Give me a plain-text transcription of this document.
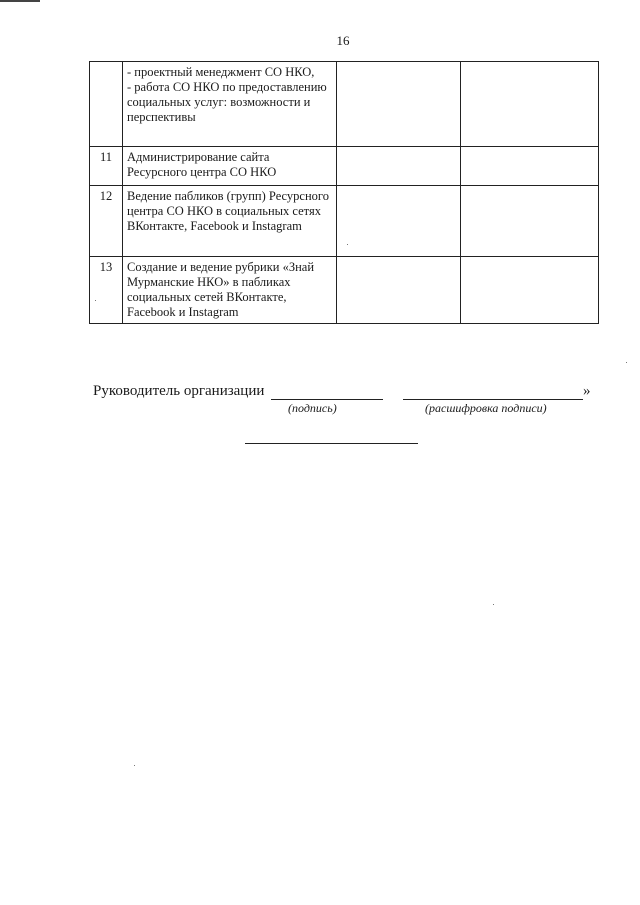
16

	- проектный менеджмент СО НКО,
- работа СО НКО по предоставлению социальных услуг: возможности и перспективы		

11	Администрирование сайта Ресурсного центра СО НКО		
12	Ведение пабликов (групп) Ресурсного центра СО НКО в социальных сетях ВКонтакте, Facebook и Instagram		
13	Создание и ведение рубрики «Знай Мурманские НКО» в пабликах социальных сетей ВКонтакте, Facebook и Instagram		
Руководитель организации	»
(подпись)	(расшифровка подписи)
